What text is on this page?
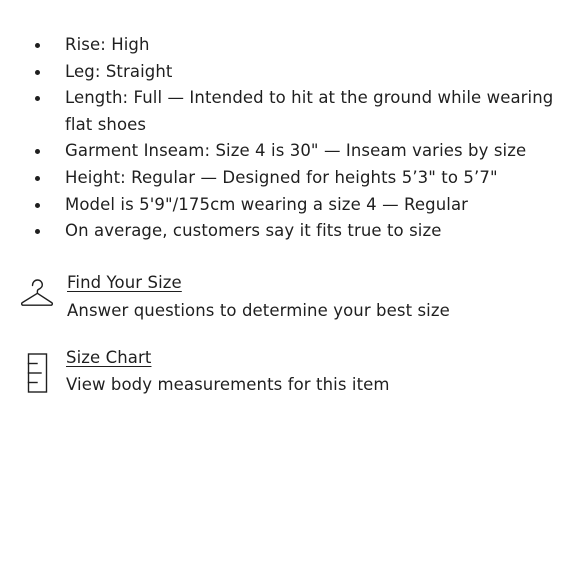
Rise: High
Leg: Straight
Length: Full — Intended to hit at the ground while wearing flat shoes
Garment Inseam: Size 4 is 30" — Inseam varies by size
Height: Regular — Designed for heights 5’3" to 5’7"
Model is 5'9"/175cm wearing a size 4 — Regular
On average, customers say it fits true to size
Find Your Size
Answer questions to determine your best size
Size Chart
View body measurements for this item
